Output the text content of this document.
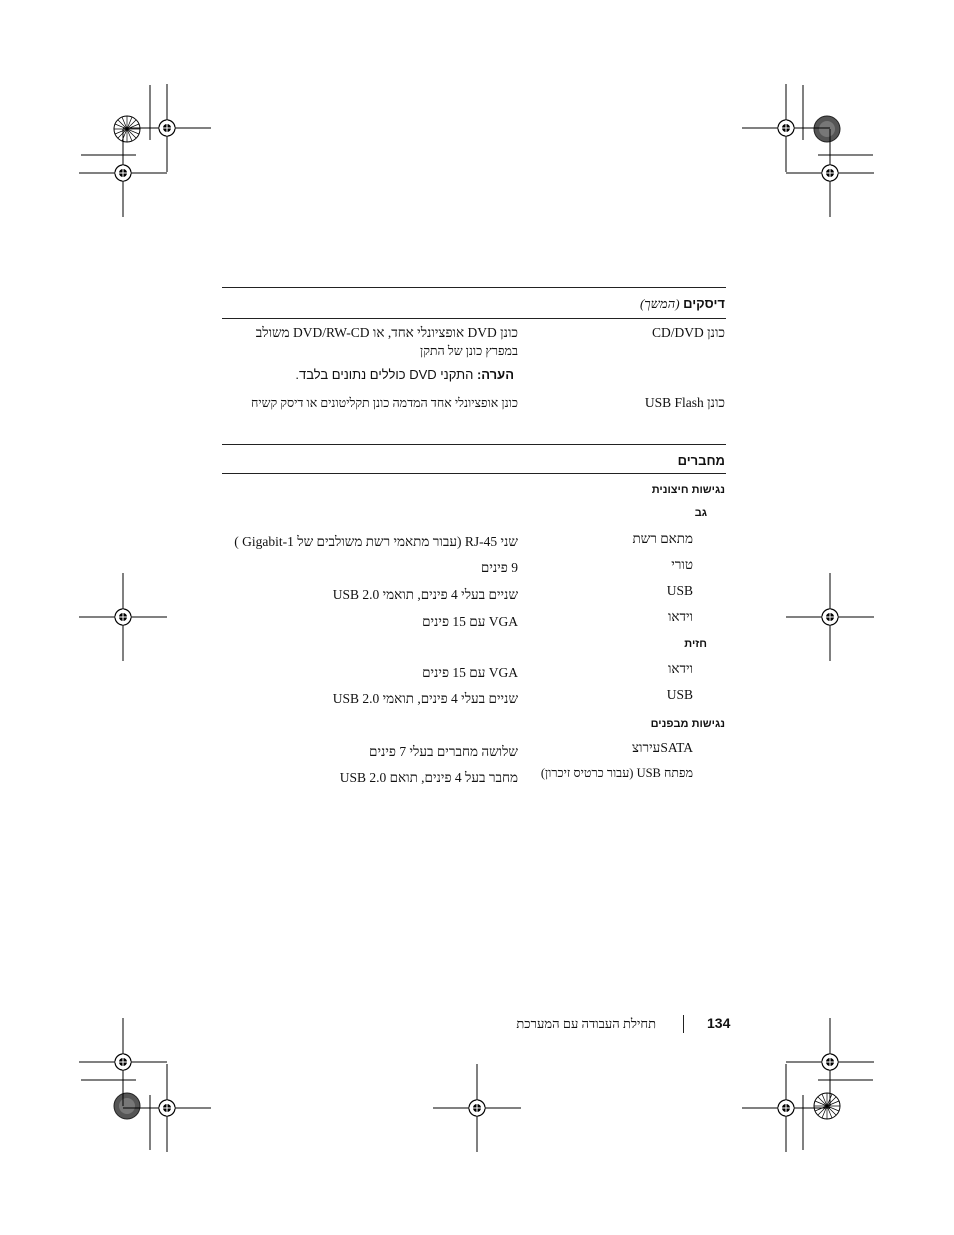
דיסקים (המשך)
כונן CD/DVD
כונן DVD אופציונלי אחד, או DVD/RW-CD משולב
במפרץ כונן של התקן
הערה: התקני DVD כוללים נתונים בלבד.
כונן USB Flash
כונן אופציונלי אחד המדמה כונן תקליטונים או דיסק קשיח
מחברים
נגישות חיצונית
גב
מתאם רשת
שני RJ-45 (עבור מתאמי רשת משולבים של 1-Gigabit )
טורי
9 פינים
USB
שניים בעלי 4 פינים, תואמי USB 2.0
וידאו
VGA עם 15 פינים
חזית
וידאו
VGA עם 15 פינים
USB
שניים בעלי 4 פינים, תואמי USB 2.0
נגישות מבפנים
SATAעירוצ
שלושה מחברים בעלי 7 פינים
מפתח USB (עבור כרטיס זיכרון)
מחבר בעל 4 פינים, תואם USB 2.0
134
תחילת העבודה עם המערכת
